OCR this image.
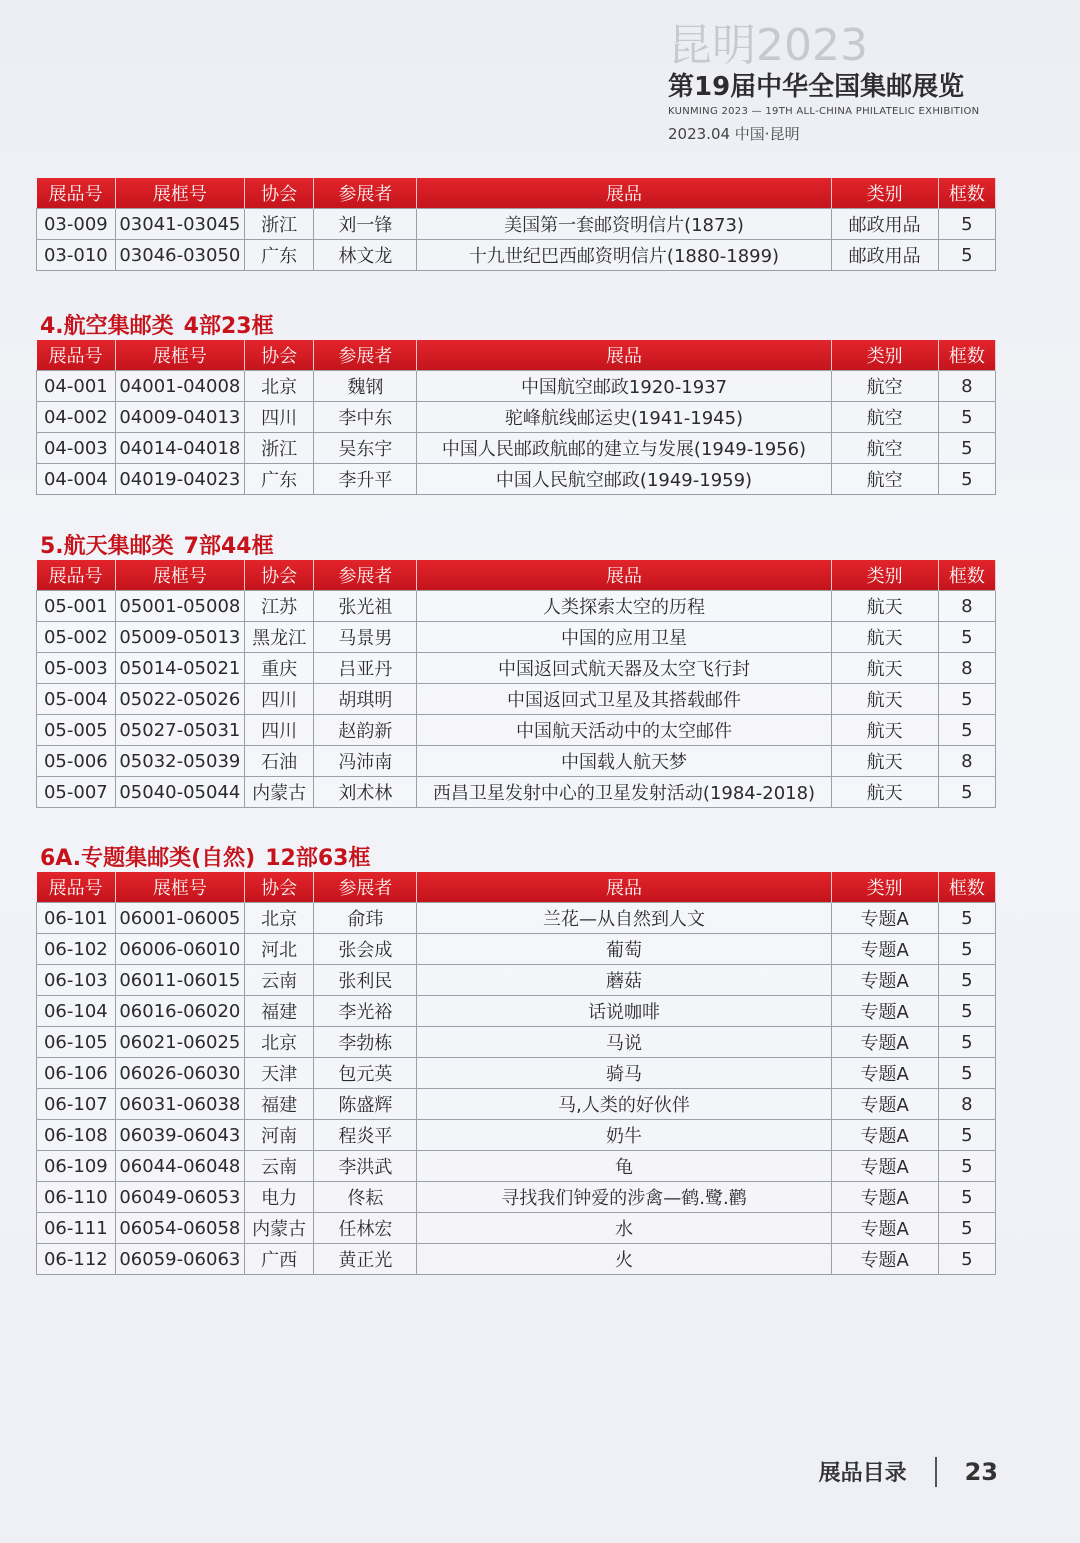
昆明2023
第19届中华全国集邮展览
KUNMING 2023 — 19TH ALL-CHINA PHILATELIC EXHIBITION
2023.04 中国·昆明
展品号	展框号	协会	参展者	展品	类别	框数
03-009	03041-03045	浙江	刘一锋	美国第一套邮资明信片(1873)	邮政用品	5
03-010	03046-03050	广东	林文龙	十九世纪巴西邮资明信片(1880-1899)	邮政用品	5
4.航空集邮类 4部23框
展品号	展框号	协会	参展者	展品	类别	框数
04-001	04001-04008	北京	魏钢	中国航空邮政1920-1937	航空	8
04-002	04009-04013	四川	李中东	驼峰航线邮运史(1941-1945)	航空	5
04-003	04014-04018	浙江	吴东宇	中国人民邮政航邮的建立与发展(1949-1956)	航空	5
04-004	04019-04023	广东	李升平	中国人民航空邮政(1949-1959)	航空	5
5.航天集邮类 7部44框
展品号	展框号	协会	参展者	展品	类别	框数
05-001	05001-05008	江苏	张光祖	人类探索太空的历程	航天	8
05-002	05009-05013	黑龙江	马景男	中国的应用卫星	航天	5
05-003	05014-05021	重庆	吕亚丹	中国返回式航天器及太空飞行封	航天	8
05-004	05022-05026	四川	胡琪明	中国返回式卫星及其搭载邮件	航天	5
05-005	05027-05031	四川	赵韵新	中国航天活动中的太空邮件	航天	5
05-006	05032-05039	石油	冯沛南	中国载人航天梦	航天	8
05-007	05040-05044	内蒙古	刘术林	西昌卫星发射中心的卫星发射活动(1984-2018)	航天	5
6A.专题集邮类(自然) 12部63框
展品号	展框号	协会	参展者	展品	类别	框数
06-101	06001-06005	北京	俞玮	兰花—从自然到人文	专题A	5
06-102	06006-06010	河北	张会成	葡萄	专题A	5
06-103	06011-06015	云南	张利民	蘑菇	专题A	5
06-104	06016-06020	福建	李光裕	话说咖啡	专题A	5
06-105	06021-06025	北京	李勃栋	马说	专题A	5
06-106	06026-06030	天津	包元英	骑马	专题A	5
06-107	06031-06038	福建	陈盛辉	马,人类的好伙伴	专题A	8
06-108	06039-06043	河南	程炎平	奶牛	专题A	5
06-109	06044-06048	云南	李洪武	龟	专题A	5
06-110	06049-06053	电力	佟耘	寻找我们钟爱的涉禽—鹤.鹭.鹳	专题A	5
06-111	06054-06058	内蒙古	任林宏	水	专题A	5
06-112	06059-06063	广西	黄正光	火	专题A	5
展品目录 23
